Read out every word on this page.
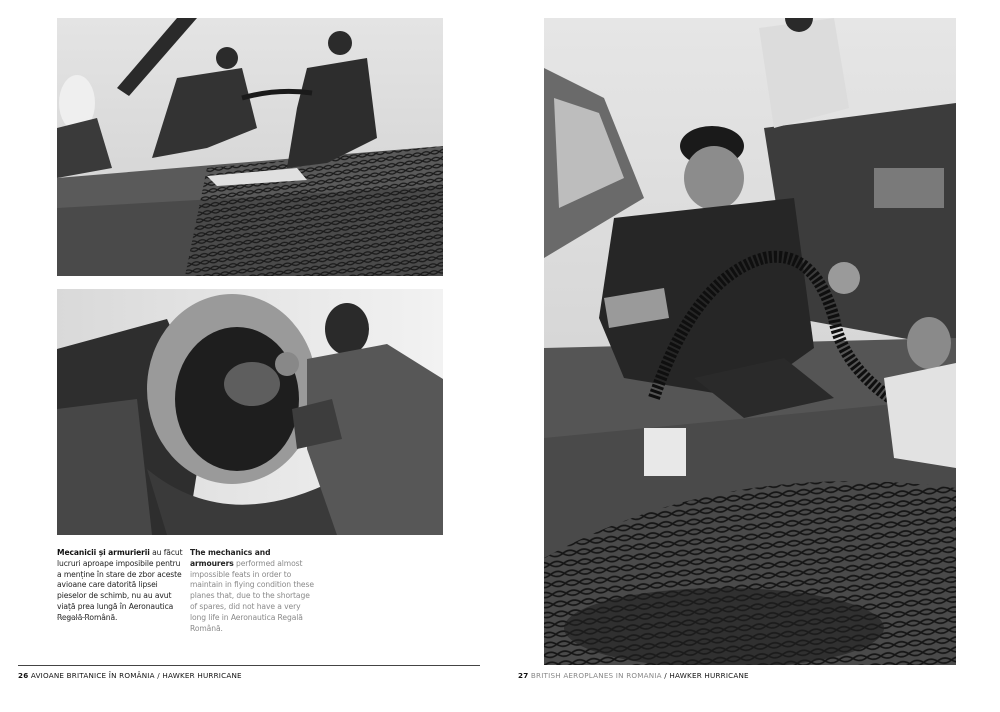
Mecanicii și armurierii au făcut lucruri aproape imposibile pentru a menține în stare de zbor aceste avioane care datorită lipsei pieselor de schimb, nu au avut viață prea lungă în Aeronautica Regală Română.
The mechanics and armourers performed almost impossible feats in order to maintain in flying condition these planes that, due to the shortage of spares, did not have a very long life in Aeronautica Regală Română.
26 AVIOANE BRITANICE ÎN ROMÂNIA / HAWKER HURRICANE	27 BRITISH AEROPLANES IN ROMANIA / HAWKER HURRICANE
